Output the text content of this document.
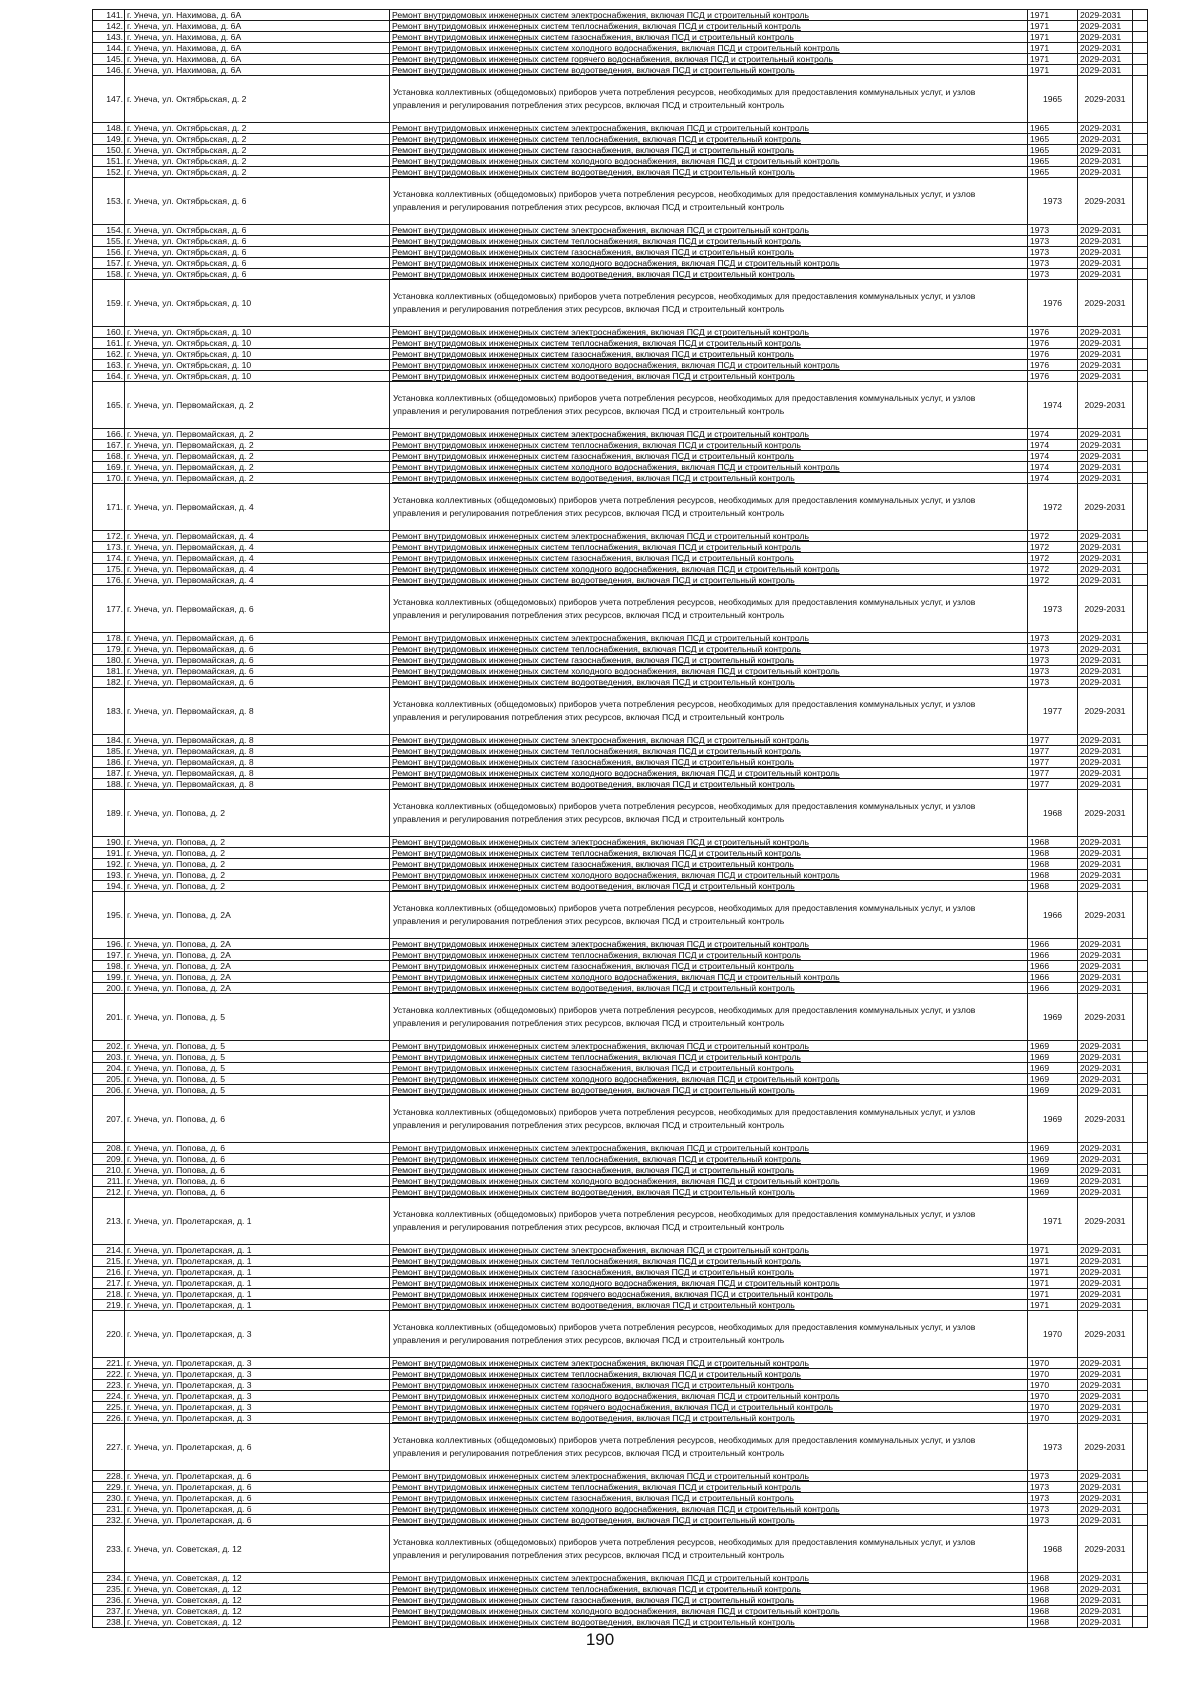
141.	г. Унеча, ул. Нахимова, д. 6А	Ремонт внутридомовых инженерных систем электроснабжения, включая ПСД и строительный контроль	1971	2029-2031	
142.	г. Унеча, ул. Нахимова, д. 6А	Ремонт внутридомовых инженерных систем теплоснабжения, включая ПСД и строительный контроль	1971	2029-2031	
143.	г. Унеча, ул. Нахимова, д. 6А	Ремонт внутридомовых инженерных систем газоснабжения, включая ПСД и строительный контроль	1971	2029-2031	
144.	г. Унеча, ул. Нахимова, д. 6А	Ремонт внутридомовых инженерных систем холодного водоснабжения, включая ПСД и строительный контроль	1971	2029-2031	
145.	г. Унеча, ул. Нахимова, д. 6А	Ремонт внутридомовых инженерных систем горячего водоснабжения, включая ПСД и строительный контроль	1971	2029-2031	
146.	г. Унеча, ул. Нахимова, д. 6А	Ремонт внутридомовых инженерных систем водоотведения, включая ПСД и строительный контроль	1971	2029-2031	
147.	г. Унеча, ул. Октябрьская, д. 2	Установка коллективных (общедомовых) приборов учета потребления ресурсов, необходимых для предоставления коммунальных услуг, и узлов управления и регулирования потребления этих ресурсов, включая ПСД и строительный контроль	1965	2029-2031	
148.	г. Унеча, ул. Октябрьская, д. 2	Ремонт внутридомовых инженерных систем электроснабжения, включая ПСД и строительный контроль	1965	2029-2031	
149.	г. Унеча, ул. Октябрьская, д. 2	Ремонт внутридомовых инженерных систем теплоснабжения, включая ПСД и строительный контроль	1965	2029-2031	
150.	г. Унеча, ул. Октябрьская, д. 2	Ремонт внутридомовых инженерных систем газоснабжения, включая ПСД и строительный контроль	1965	2029-2031	
151.	г. Унеча, ул. Октябрьская, д. 2	Ремонт внутридомовых инженерных систем холодного водоснабжения, включая ПСД и строительный контроль	1965	2029-2031	
152.	г. Унеча, ул. Октябрьская, д. 2	Ремонт внутридомовых инженерных систем водоотведения, включая ПСД и строительный контроль	1965	2029-2031	
153.	г. Унеча, ул. Октябрьская, д. 6	Установка коллективных (общедомовых) приборов учета потребления ресурсов, необходимых для предоставления коммунальных услуг, и узлов управления и регулирования потребления этих ресурсов, включая ПСД и строительный контроль	1973	2029-2031	
154.	г. Унеча, ул. Октябрьская, д. 6	Ремонт внутридомовых инженерных систем электроснабжения, включая ПСД и строительный контроль	1973	2029-2031	
155.	г. Унеча, ул. Октябрьская, д. 6	Ремонт внутридомовых инженерных систем теплоснабжения, включая ПСД и строительный контроль	1973	2029-2031	
156.	г. Унеча, ул. Октябрьская, д. 6	Ремонт внутридомовых инженерных систем газоснабжения, включая ПСД и строительный контроль	1973	2029-2031	
157.	г. Унеча, ул. Октябрьская, д. 6	Ремонт внутридомовых инженерных систем холодного водоснабжения, включая ПСД и строительный контроль	1973	2029-2031	
158.	г. Унеча, ул. Октябрьская, д. 6	Ремонт внутридомовых инженерных систем водоотведения, включая ПСД и строительный контроль	1973	2029-2031	
159.	г. Унеча, ул. Октябрьская, д. 10	Установка коллективных (общедомовых) приборов учета потребления ресурсов, необходимых для предоставления коммунальных услуг, и узлов управления и регулирования потребления этих ресурсов, включая ПСД и строительный контроль	1976	2029-2031	
160.	г. Унеча, ул. Октябрьская, д. 10	Ремонт внутридомовых инженерных систем электроснабжения, включая ПСД и строительный контроль	1976	2029-2031	
161.	г. Унеча, ул. Октябрьская, д. 10	Ремонт внутридомовых инженерных систем теплоснабжения, включая ПСД и строительный контроль	1976	2029-2031	
162.	г. Унеча, ул. Октябрьская, д. 10	Ремонт внутридомовых инженерных систем газоснабжения, включая ПСД и строительный контроль	1976	2029-2031	
163.	г. Унеча, ул. Октябрьская, д. 10	Ремонт внутридомовых инженерных систем холодного водоснабжения, включая ПСД и строительный контроль	1976	2029-2031	
164.	г. Унеча, ул. Октябрьская, д. 10	Ремонт внутридомовых инженерных систем водоотведения, включая ПСД и строительный контроль	1976	2029-2031	
165.	г. Унеча, ул. Первомайская, д. 2	Установка коллективных (общедомовых) приборов учета потребления ресурсов, необходимых для предоставления коммунальных услуг, и узлов управления и регулирования потребления этих ресурсов, включая ПСД и строительный контроль	1974	2029-2031	
166.	г. Унеча, ул. Первомайская, д. 2	Ремонт внутридомовых инженерных систем электроснабжения, включая ПСД и строительный контроль	1974	2029-2031	
167.	г. Унеча, ул. Первомайская, д. 2	Ремонт внутридомовых инженерных систем теплоснабжения, включая ПСД и строительный контроль	1974	2029-2031	
168.	г. Унеча, ул. Первомайская, д. 2	Ремонт внутридомовых инженерных систем газоснабжения, включая ПСД и строительный контроль	1974	2029-2031	
169.	г. Унеча, ул. Первомайская, д. 2	Ремонт внутридомовых инженерных систем холодного водоснабжения, включая ПСД и строительный контроль	1974	2029-2031	
170.	г. Унеча, ул. Первомайская, д. 2	Ремонт внутридомовых инженерных систем водоотведения, включая ПСД и строительный контроль	1974	2029-2031	
171.	г. Унеча, ул. Первомайская, д. 4	Установка коллективных (общедомовых) приборов учета потребления ресурсов, необходимых для предоставления коммунальных услуг, и узлов управления и регулирования потребления этих ресурсов, включая ПСД и строительный контроль	1972	2029-2031	
172.	г. Унеча, ул. Первомайская, д. 4	Ремонт внутридомовых инженерных систем электроснабжения, включая ПСД и строительный контроль	1972	2029-2031	
173.	г. Унеча, ул. Первомайская, д. 4	Ремонт внутридомовых инженерных систем теплоснабжения, включая ПСД и строительный контроль	1972	2029-2031	
174.	г. Унеча, ул. Первомайская, д. 4	Ремонт внутридомовых инженерных систем газоснабжения, включая ПСД и строительный контроль	1972	2029-2031	
175.	г. Унеча, ул. Первомайская, д. 4	Ремонт внутридомовых инженерных систем холодного водоснабжения, включая ПСД и строительный контроль	1972	2029-2031	
176.	г. Унеча, ул. Первомайская, д. 4	Ремонт внутридомовых инженерных систем водоотведения, включая ПСД и строительный контроль	1972	2029-2031	
177.	г. Унеча, ул. Первомайская, д. 6	Установка коллективных (общедомовых) приборов учета потребления ресурсов, необходимых для предоставления коммунальных услуг, и узлов управления и регулирования потребления этих ресурсов, включая ПСД и строительный контроль	1973	2029-2031	
178.	г. Унеча, ул. Первомайская, д. 6	Ремонт внутридомовых инженерных систем электроснабжения, включая ПСД и строительный контроль	1973	2029-2031	
179.	г. Унеча, ул. Первомайская, д. 6	Ремонт внутридомовых инженерных систем теплоснабжения, включая ПСД и строительный контроль	1973	2029-2031	
180.	г. Унеча, ул. Первомайская, д. 6	Ремонт внутридомовых инженерных систем газоснабжения, включая ПСД и строительный контроль	1973	2029-2031	
181.	г. Унеча, ул. Первомайская, д. 6	Ремонт внутридомовых инженерных систем холодного водоснабжения, включая ПСД и строительный контроль	1973	2029-2031	
182.	г. Унеча, ул. Первомайская, д. 6	Ремонт внутридомовых инженерных систем водоотведения, включая ПСД и строительный контроль	1973	2029-2031	
183.	г. Унеча, ул. Первомайская, д. 8	Установка коллективных (общедомовых) приборов учета потребления ресурсов, необходимых для предоставления коммунальных услуг, и узлов управления и регулирования потребления этих ресурсов, включая ПСД и строительный контроль	1977	2029-2031	
184.	г. Унеча, ул. Первомайская, д. 8	Ремонт внутридомовых инженерных систем электроснабжения, включая ПСД и строительный контроль	1977	2029-2031	
185.	г. Унеча, ул. Первомайская, д. 8	Ремонт внутридомовых инженерных систем теплоснабжения, включая ПСД и строительный контроль	1977	2029-2031	
186.	г. Унеча, ул. Первомайская, д. 8	Ремонт внутридомовых инженерных систем газоснабжения, включая ПСД и строительный контроль	1977	2029-2031	
187.	г. Унеча, ул. Первомайская, д. 8	Ремонт внутридомовых инженерных систем холодного водоснабжения, включая ПСД и строительный контроль	1977	2029-2031	
188.	г. Унеча, ул. Первомайская, д. 8	Ремонт внутридомовых инженерных систем водоотведения, включая ПСД и строительный контроль	1977	2029-2031	
189.	г. Унеча, ул. Попова, д. 2	Установка коллективных (общедомовых) приборов учета потребления ресурсов, необходимых для предоставления коммунальных услуг, и узлов управления и регулирования потребления этих ресурсов, включая ПСД и строительный контроль	1968	2029-2031	
190.	г. Унеча, ул. Попова, д. 2	Ремонт внутридомовых инженерных систем электроснабжения, включая ПСД и строительный контроль	1968	2029-2031	
191.	г. Унеча, ул. Попова, д. 2	Ремонт внутридомовых инженерных систем теплоснабжения, включая ПСД и строительный контроль	1968	2029-2031	
192.	г. Унеча, ул. Попова, д. 2	Ремонт внутридомовых инженерных систем газоснабжения, включая ПСД и строительный контроль	1968	2029-2031	
193.	г. Унеча, ул. Попова, д. 2	Ремонт внутридомовых инженерных систем холодного водоснабжения, включая ПСД и строительный контроль	1968	2029-2031	
194.	г. Унеча, ул. Попова, д. 2	Ремонт внутридомовых инженерных систем водоотведения, включая ПСД и строительный контроль	1968	2029-2031	
195.	г. Унеча, ул. Попова, д. 2А	Установка коллективных (общедомовых) приборов учета потребления ресурсов, необходимых для предоставления коммунальных услуг, и узлов управления и регулирования потребления этих ресурсов, включая ПСД и строительный контроль	1966	2029-2031	
196.	г. Унеча, ул. Попова, д. 2А	Ремонт внутридомовых инженерных систем электроснабжения, включая ПСД и строительный контроль	1966	2029-2031	
197.	г. Унеча, ул. Попова, д. 2А	Ремонт внутридомовых инженерных систем теплоснабжения, включая ПСД и строительный контроль	1966	2029-2031	
198.	г. Унеча, ул. Попова, д. 2А	Ремонт внутридомовых инженерных систем газоснабжения, включая ПСД и строительный контроль	1966	2029-2031	
199.	г. Унеча, ул. Попова, д. 2А	Ремонт внутридомовых инженерных систем холодного водоснабжения, включая ПСД и строительный контроль	1966	2029-2031	
200.	г. Унеча, ул. Попова, д. 2А	Ремонт внутридомовых инженерных систем водоотведения, включая ПСД и строительный контроль	1966	2029-2031	
201.	г. Унеча, ул. Попова, д. 5	Установка коллективных (общедомовых) приборов учета потребления ресурсов, необходимых для предоставления коммунальных услуг, и узлов управления и регулирования потребления этих ресурсов, включая ПСД и строительный контроль	1969	2029-2031	
202.	г. Унеча, ул. Попова, д. 5	Ремонт внутридомовых инженерных систем электроснабжения, включая ПСД и строительный контроль	1969	2029-2031	
203.	г. Унеча, ул. Попова, д. 5	Ремонт внутридомовых инженерных систем теплоснабжения, включая ПСД и строительный контроль	1969	2029-2031	
204.	г. Унеча, ул. Попова, д. 5	Ремонт внутридомовых инженерных систем газоснабжения, включая ПСД и строительный контроль	1969	2029-2031	
205.	г. Унеча, ул. Попова, д. 5	Ремонт внутридомовых инженерных систем холодного водоснабжения, включая ПСД и строительный контроль	1969	2029-2031	
206.	г. Унеча, ул. Попова, д. 5	Ремонт внутридомовых инженерных систем водоотведения, включая ПСД и строительный контроль	1969	2029-2031	
207.	г. Унеча, ул. Попова, д. 6	Установка коллективных (общедомовых) приборов учета потребления ресурсов, необходимых для предоставления коммунальных услуг, и узлов управления и регулирования потребления этих ресурсов, включая ПСД и строительный контроль	1969	2029-2031	
208.	г. Унеча, ул. Попова, д. 6	Ремонт внутридомовых инженерных систем электроснабжения, включая ПСД и строительный контроль	1969	2029-2031	
209.	г. Унеча, ул. Попова, д. 6	Ремонт внутридомовых инженерных систем теплоснабжения, включая ПСД и строительный контроль	1969	2029-2031	
210.	г. Унеча, ул. Попова, д. 6	Ремонт внутридомовых инженерных систем газоснабжения, включая ПСД и строительный контроль	1969	2029-2031	
211.	г. Унеча, ул. Попова, д. 6	Ремонт внутридомовых инженерных систем холодного водоснабжения, включая ПСД и строительный контроль	1969	2029-2031	
212.	г. Унеча, ул. Попова, д. 6	Ремонт внутридомовых инженерных систем водоотведения, включая ПСД и строительный контроль	1969	2029-2031	
213.	г. Унеча, ул. Пролетарская, д. 1	Установка коллективных (общедомовых) приборов учета потребления ресурсов, необходимых для предоставления коммунальных услуг, и узлов управления и регулирования потребления этих ресурсов, включая ПСД и строительный контроль	1971	2029-2031	
214.	г. Унеча, ул. Пролетарская, д. 1	Ремонт внутридомовых инженерных систем электроснабжения, включая ПСД и строительный контроль	1971	2029-2031	
215.	г. Унеча, ул. Пролетарская, д. 1	Ремонт внутридомовых инженерных систем теплоснабжения, включая ПСД и строительный контроль	1971	2029-2031	
216.	г. Унеча, ул. Пролетарская, д. 1	Ремонт внутридомовых инженерных систем газоснабжения, включая ПСД и строительный контроль	1971	2029-2031	
217.	г. Унеча, ул. Пролетарская, д. 1	Ремонт внутридомовых инженерных систем холодного водоснабжения, включая ПСД и строительный контроль	1971	2029-2031	
218.	г. Унеча, ул. Пролетарская, д. 1	Ремонт внутридомовых инженерных систем горячего водоснабжения, включая ПСД и строительный контроль	1971	2029-2031	
219.	г. Унеча, ул. Пролетарская, д. 1	Ремонт внутридомовых инженерных систем водоотведения, включая ПСД и строительный контроль	1971	2029-2031	
220.	г. Унеча, ул. Пролетарская, д. 3	Установка коллективных (общедомовых) приборов учета потребления ресурсов, необходимых для предоставления коммунальных услуг, и узлов управления и регулирования потребления этих ресурсов, включая ПСД и строительный контроль	1970	2029-2031	
221.	г. Унеча, ул. Пролетарская, д. 3	Ремонт внутридомовых инженерных систем электроснабжения, включая ПСД и строительный контроль	1970	2029-2031	
222.	г. Унеча, ул. Пролетарская, д. 3	Ремонт внутридомовых инженерных систем теплоснабжения, включая ПСД и строительный контроль	1970	2029-2031	
223.	г. Унеча, ул. Пролетарская, д. 3	Ремонт внутридомовых инженерных систем газоснабжения, включая ПСД и строительный контроль	1970	2029-2031	
224.	г. Унеча, ул. Пролетарская, д. 3	Ремонт внутридомовых инженерных систем холодного водоснабжения, включая ПСД и строительный контроль	1970	2029-2031	
225.	г. Унеча, ул. Пролетарская, д. 3	Ремонт внутридомовых инженерных систем горячего водоснабжения, включая ПСД и строительный контроль	1970	2029-2031	
226.	г. Унеча, ул. Пролетарская, д. 3	Ремонт внутридомовых инженерных систем водоотведения, включая ПСД и строительный контроль	1970	2029-2031	
227.	г. Унеча, ул. Пролетарская, д. 6	Установка коллективных (общедомовых) приборов учета потребления ресурсов, необходимых для предоставления коммунальных услуг, и узлов управления и регулирования потребления этих ресурсов, включая ПСД и строительный контроль	1973	2029-2031	
228.	г. Унеча, ул. Пролетарская, д. 6	Ремонт внутридомовых инженерных систем электроснабжения, включая ПСД и строительный контроль	1973	2029-2031	
229.	г. Унеча, ул. Пролетарская, д. 6	Ремонт внутридомовых инженерных систем теплоснабжения, включая ПСД и строительный контроль	1973	2029-2031	
230.	г. Унеча, ул. Пролетарская, д. 6	Ремонт внутридомовых инженерных систем газоснабжения, включая ПСД и строительный контроль	1973	2029-2031	
231.	г. Унеча, ул. Пролетарская, д. 6	Ремонт внутридомовых инженерных систем холодного водоснабжения, включая ПСД и строительный контроль	1973	2029-2031	
232.	г. Унеча, ул. Пролетарская, д. 6	Ремонт внутридомовых инженерных систем водоотведения, включая ПСД и строительный контроль	1973	2029-2031	
233.	г. Унеча, ул. Советская, д. 12	Установка коллективных (общедомовых) приборов учета потребления ресурсов, необходимых для предоставления коммунальных услуг, и узлов управления и регулирования потребления этих ресурсов, включая ПСД и строительный контроль	1968	2029-2031	
234.	г. Унеча, ул. Советская, д. 12	Ремонт внутридомовых инженерных систем электроснабжения, включая ПСД и строительный контроль	1968	2029-2031	
235.	г. Унеча, ул. Советская, д. 12	Ремонт внутридомовых инженерных систем теплоснабжения, включая ПСД и строительный контроль	1968	2029-2031	
236.	г. Унеча, ул. Советская, д. 12	Ремонт внутридомовых инженерных систем газоснабжения, включая ПСД и строительный контроль	1968	2029-2031	
237.	г. Унеча, ул. Советская, д. 12	Ремонт внутридомовых инженерных систем холодного водоснабжения, включая ПСД и строительный контроль	1968	2029-2031	
238.	г. Унеча, ул. Советская, д. 12	Ремонт внутридомовых инженерных систем водоотведения, включая ПСД и строительный контроль	1968	2029-2031	
190
